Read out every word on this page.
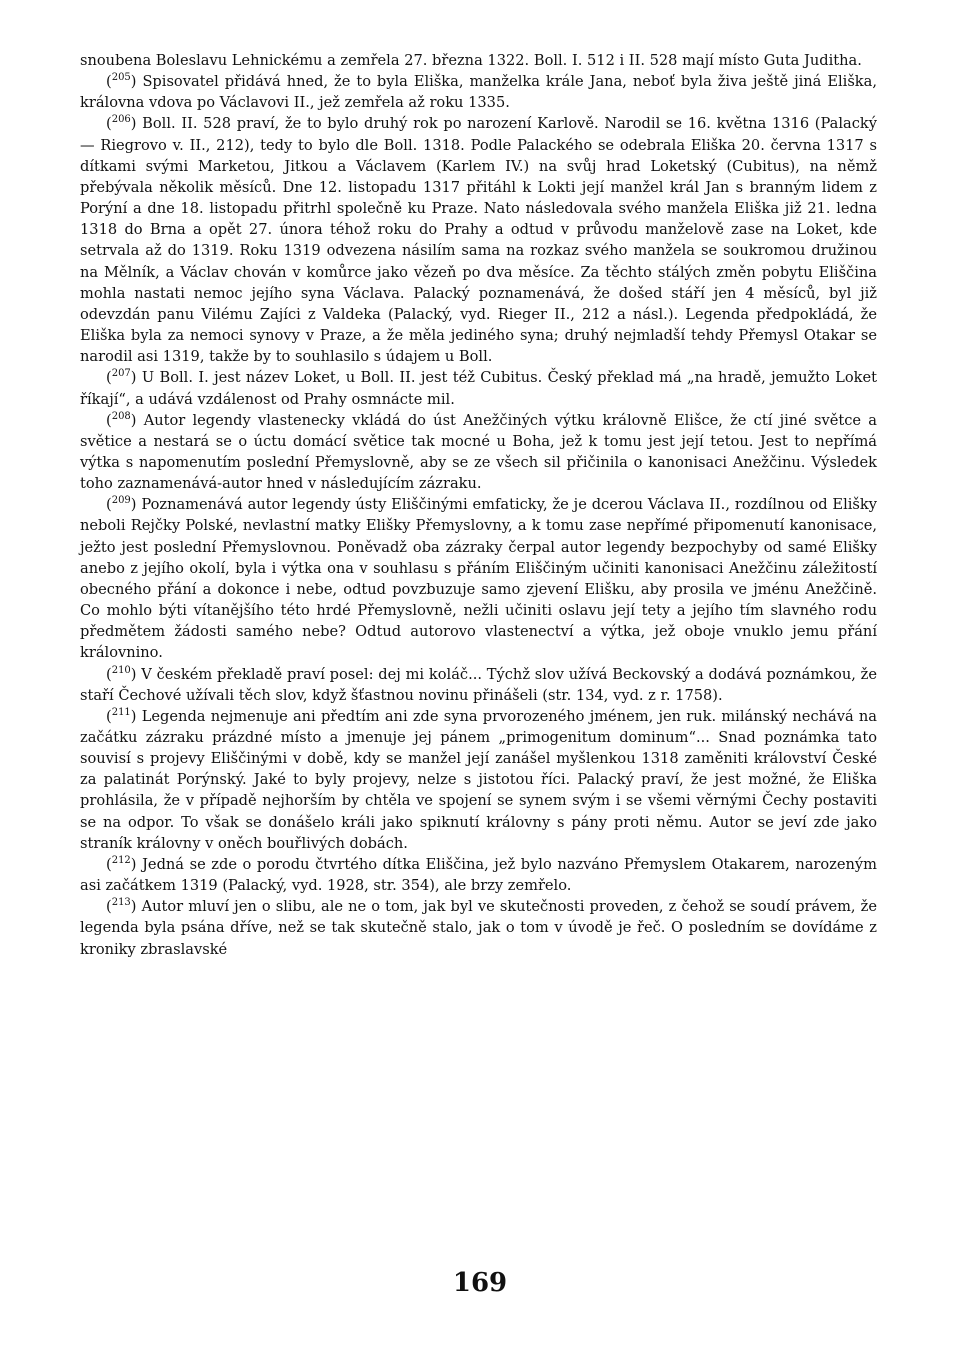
snoubena Boleslavu Lehnickému a zemřela 27. března 1322. Boll. I. 512 i II. 528 mají místo Guta Juditha.

($^{205}$) Spisovatel přidává hned, že to byla Eliška, manželka krále Jana, neboť byla živa ještě jiná Eliška, královna vdova po Václavovi II., jež zemřela až roku 1335.

($^{206}$) Boll. II. 528 praví, že to bylo druhý rok po narození Karlově. Narodil se 16. května 1316 (Palacký — Riegrovo v. II., 212), tedy to bylo dle Boll. 1318. Podle Palackého se odebrala Eliška 20. června 1317 s dítkami svými Marketou, Jitkou a Václavem (Karlem IV.) na svůj hrad Loketský (Cubitus), na němž přebývala několik měsíců. Dne 12. listopadu 1317 přitáhl k Lokti její manžel král Jan s branným lidem z Porýní a dne 18. listopadu přitrhl společně ku Praze. Nato následovala svého manžela Eliška již 21. ledna 1318 do Brna a opět 27. února téhož roku do Prahy a odtud v průvodu manželově zase na Loket, kde setrvala až do 1319. Roku 1319 odvezena násilím sama na rozkaz svého manžela se soukromou družinou na Mělník, a Václav chován v komůrce jako vězeň po dva měsíce. Za těchto stálých změn pobytu Eliščina mohla nastati nemoc jejího syna Václava. Palacký poznamenává, že došed stáří jen 4 měsíců, byl již odevzdán panu Vilému Zajíci z Valdeka (Palacký, vyd. Rieger II., 212 a násl.). Legenda předpokládá, že Eliška byla za nemoci synovy v Praze, a že měla jediného syna; druhý nejmladší tehdy Přemysl Otakar se narodil asi 1319, takže by to souhlasilo s údajem u Boll.

($^{207}$) U Boll. I. jest název Loket, u Boll. II. jest též Cubitus. Český překlad má „na hradě, jemužto Loket říkají“, a udává vzdálenost od Prahy osmnácte mil.

($^{208}$) Autor legendy vlastenecky vkládá do úst Anežčiných výtku královně Elišce, že ctí jiné světce a světice a nestará se o úctu domácí světice tak mocné u Boha, jež k tomu jest její tetou. Jest to nepřímá výtka s napomenutím poslední Přemyslovně, aby se ze všech sil přičinila o kanonisaci Anežčinu. Výsledek toho zaznamenává-autor hned v následujícím zázraku.

($^{209}$) Poznamenává autor legendy ústy Eliščinými emfaticky, že je dcerou Václava II., rozdílnou od Elišky neboli Rejčky Polské, nevlastní matky Elišky Přemyslovny, a k tomu zase nepřímé připomenutí kanonisace, ježto jest poslední Přemyslovnou. Poněvadž oba zázraky čerpal autor legendy bezpochyby od samé Elišky anebo z jejího okolí, byla i výtka ona v souhlasu s přáním Eliščiným učiniti kanonisaci Anežčinu záležitostí obecného přání a dokonce i nebe, odtud povzbuzuje samo zjevení Elišku, aby prosila ve jménu Anežčině. Co mohlo býti vítanějšího této hrdé Přemyslovně, nežli učiniti oslavu její tety a jejího tím slavného rodu předmětem žádosti samého nebe? Odtud autorovo vlastenectví a výtka, jež oboje vnuklo jemu přání královnino.

($^{210}$) V českém překladě praví posel: dej mi koláč... Týchž slov užívá Beckovský a dodává poznámkou, že staří Čechové užívali těch slov, když šťastnou novinu přinášeli (str. 134, vyd. z r. 1758).

($^{211}$) Legenda nejmenuje ani předtím ani zde syna prvorozeného jménem, jen ruk. milánský nechává na začátku zázraku prázdné místo a jmenuje jej pánem „primogenitum dominum“... Snad poznámka tato souvisí s projevy Eliščinými v době, kdy se manžel její zanášel myšlenkou 1318 zaměniti království České za palatinát Porýnský. Jaké to byly projevy, nelze s jistotou říci. Palacký praví, že jest možné, že Eliška prohlásila, že v případě nejhorším by chtěla ve spojení se synem svým i se všemi věrnými Čechy postaviti se na odpor. To však se donášelo králi jako spiknutí královny s pány proti němu. Autor se jeví zde jako straník královny v oněch bouřlivých dobách.

($^{212}$) Jedná se zde o porodu čtvrtého dítka Eliščina, jež bylo nazváno Přemyslem Otakarem, narozeným asi začátkem 1319 (Palacký, vyd. 1928, str. 354), ale brzy zemřelo.

($^{213}$) Autor mluví jen o slibu, ale ne o tom, jak byl ve skutečnosti proveden, z čehož se soudí právem, že legenda byla psána dříve, než se tak skutečně stalo, jak o tom v úvodě je řeč. O posledním se dovídáme z kroniky zbraslavské

169
